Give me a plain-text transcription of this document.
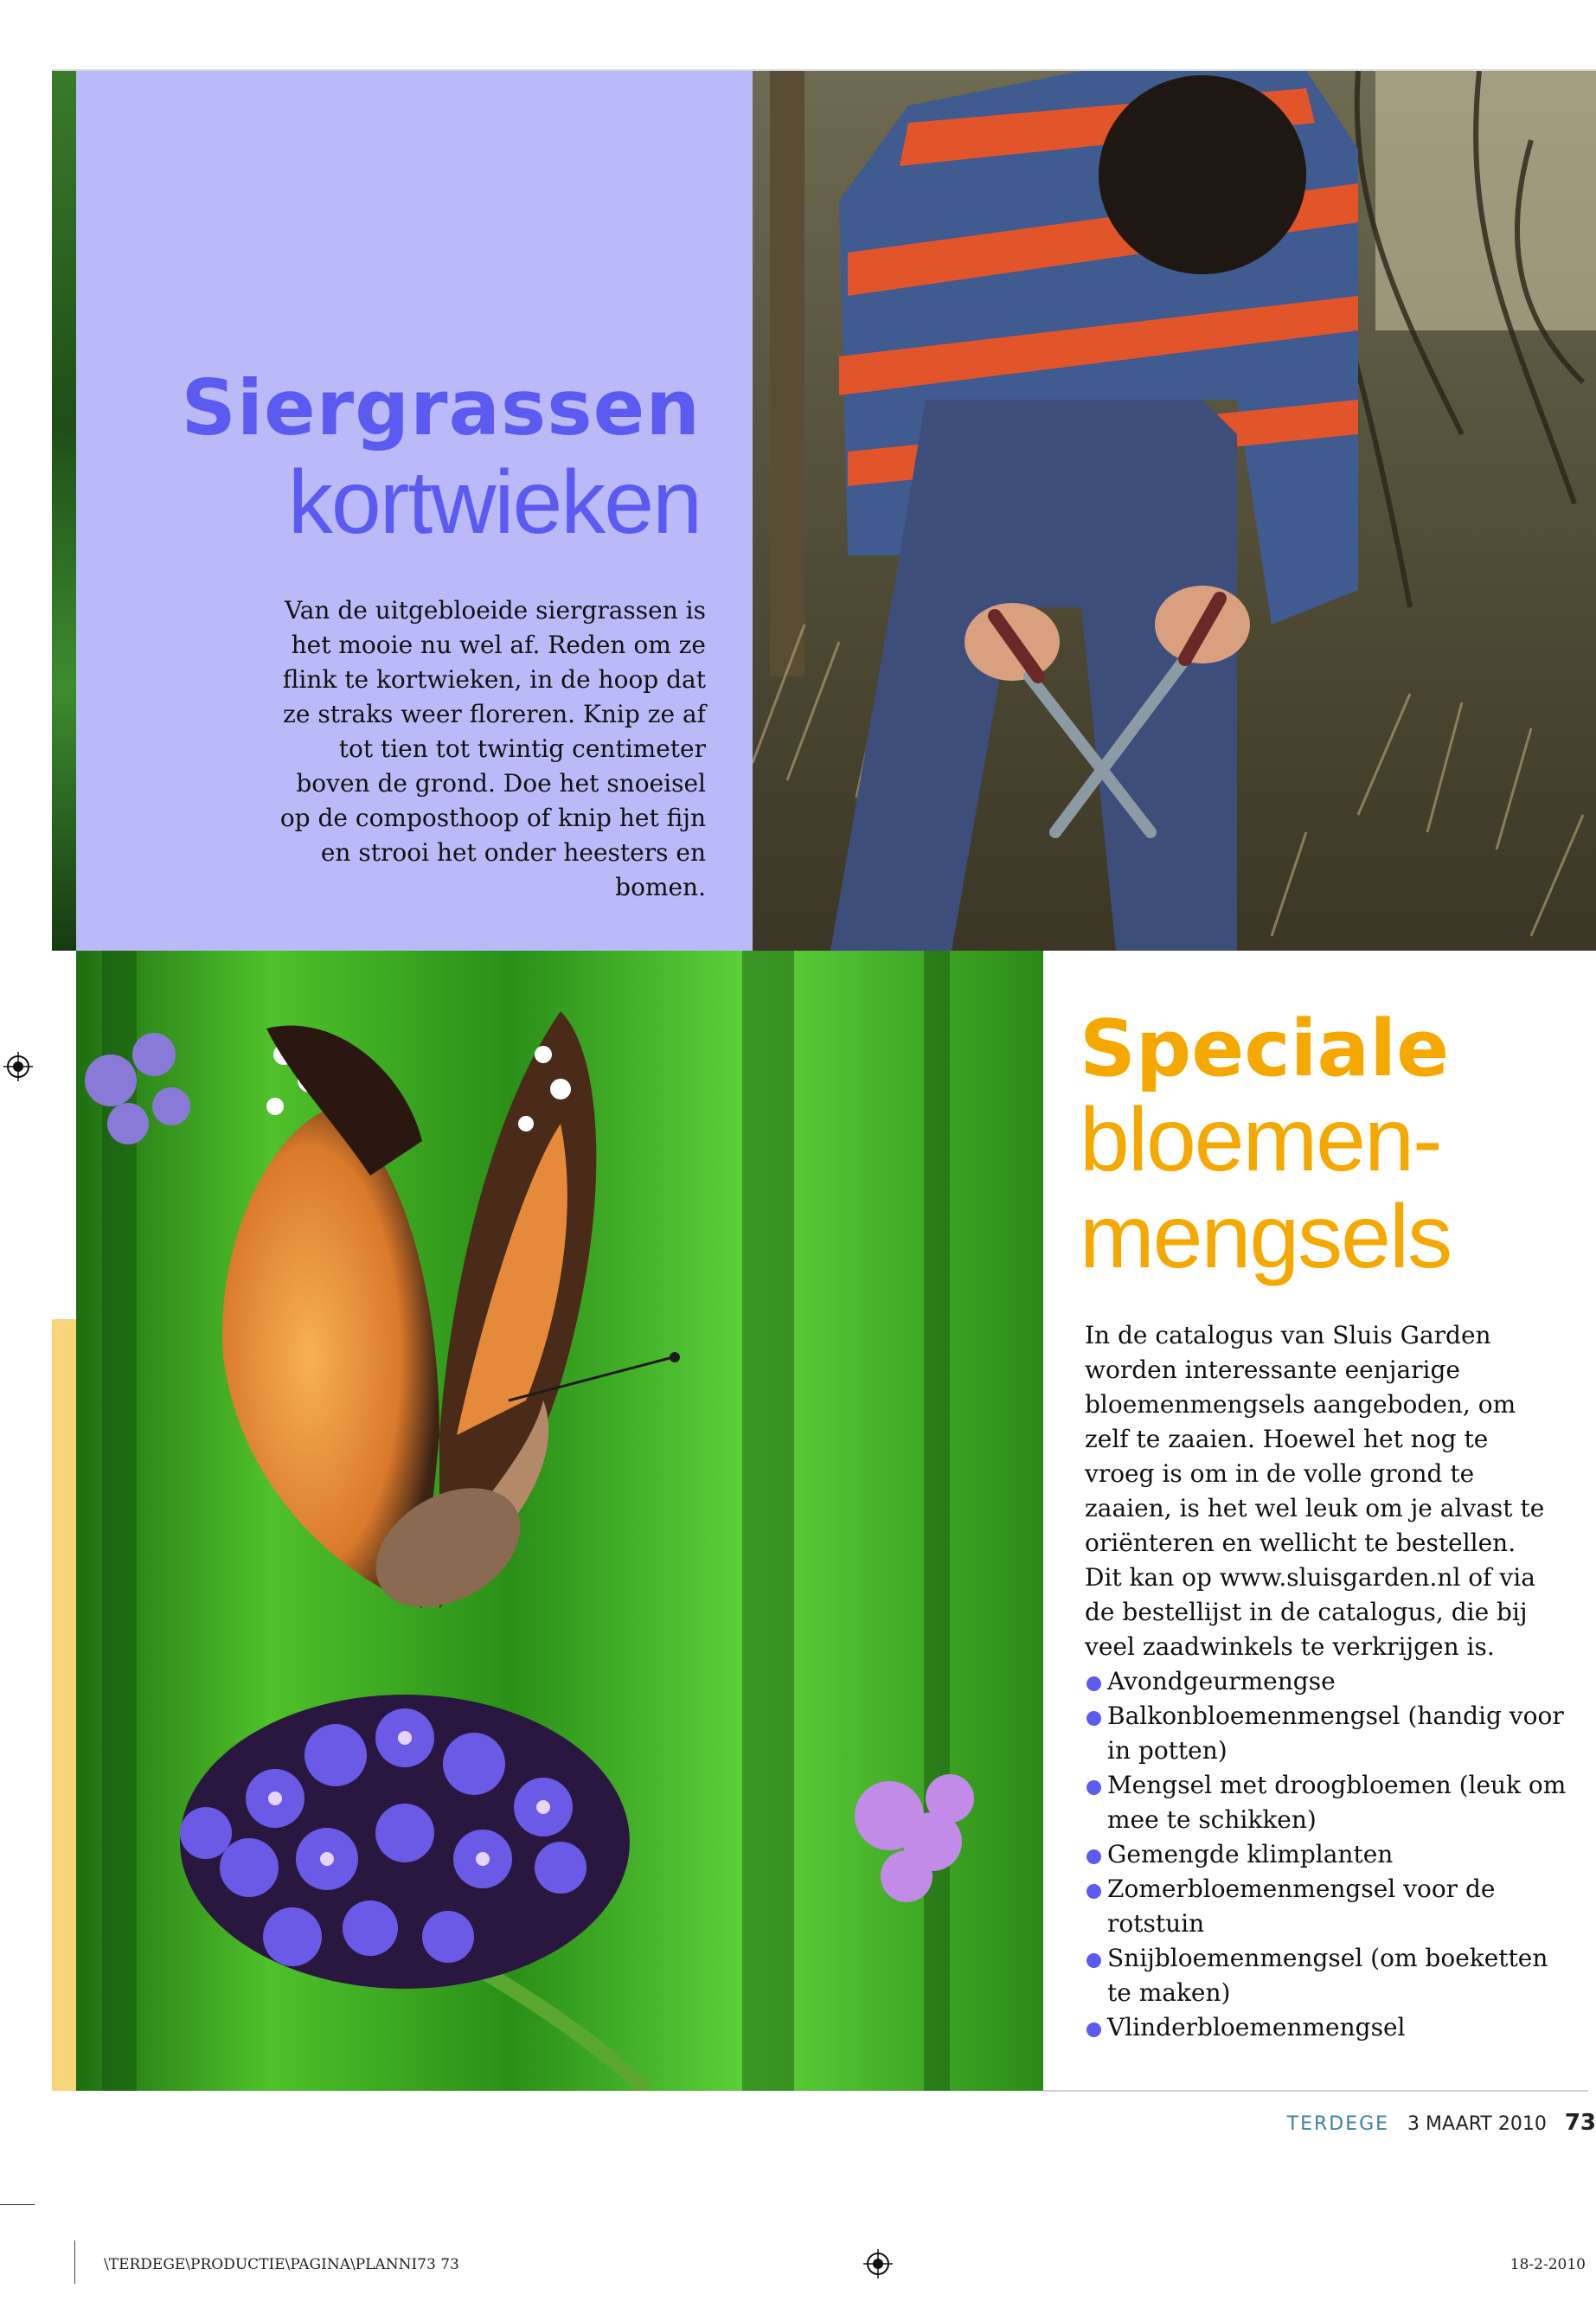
Siergrassen
kortwieken

Van de uitgebloeide siergrassen is het mooie nu wel af. Reden om ze flink te kortwieken, in de hoop dat ze straks weer floreren. Knip ze af tot tien tot twintig centimeter boven de grond. Doe het snoeisel op de composthoop of knip het fijn en strooi het onder heesters en bomen.

Speciale
bloemen-
mengsels

In de catalogus van Sluis Garden worden interessante eenjarige bloemenmengsels aangeboden, om zelf te zaaien. Hoewel het nog te vroeg is om in de volle grond te zaaien, is het wel leuk om je alvast te oriënteren en wellicht te bestellen. Dit kan op www.sluisgarden.nl of via de bestellijst in de catalogus, die bij veel zaadwinkels te verkrijgen is.

Avondgeurmengse
Balkonbloemenmengsel (handig voor in potten)
Mengsel met droogbloemen (leuk om mee te schikken)
Gemengde klimplanten
Zomerbloemenmengsel voor de rotstuin
Snijbloemenmengsel (om boeketten te maken)
Vlinderbloemenmengsel
TERDEGE 3 MAART 2010 73
\TERDEGE\PRODUCTIE\PAGINA\PLANNI73 73	18-2-2010
